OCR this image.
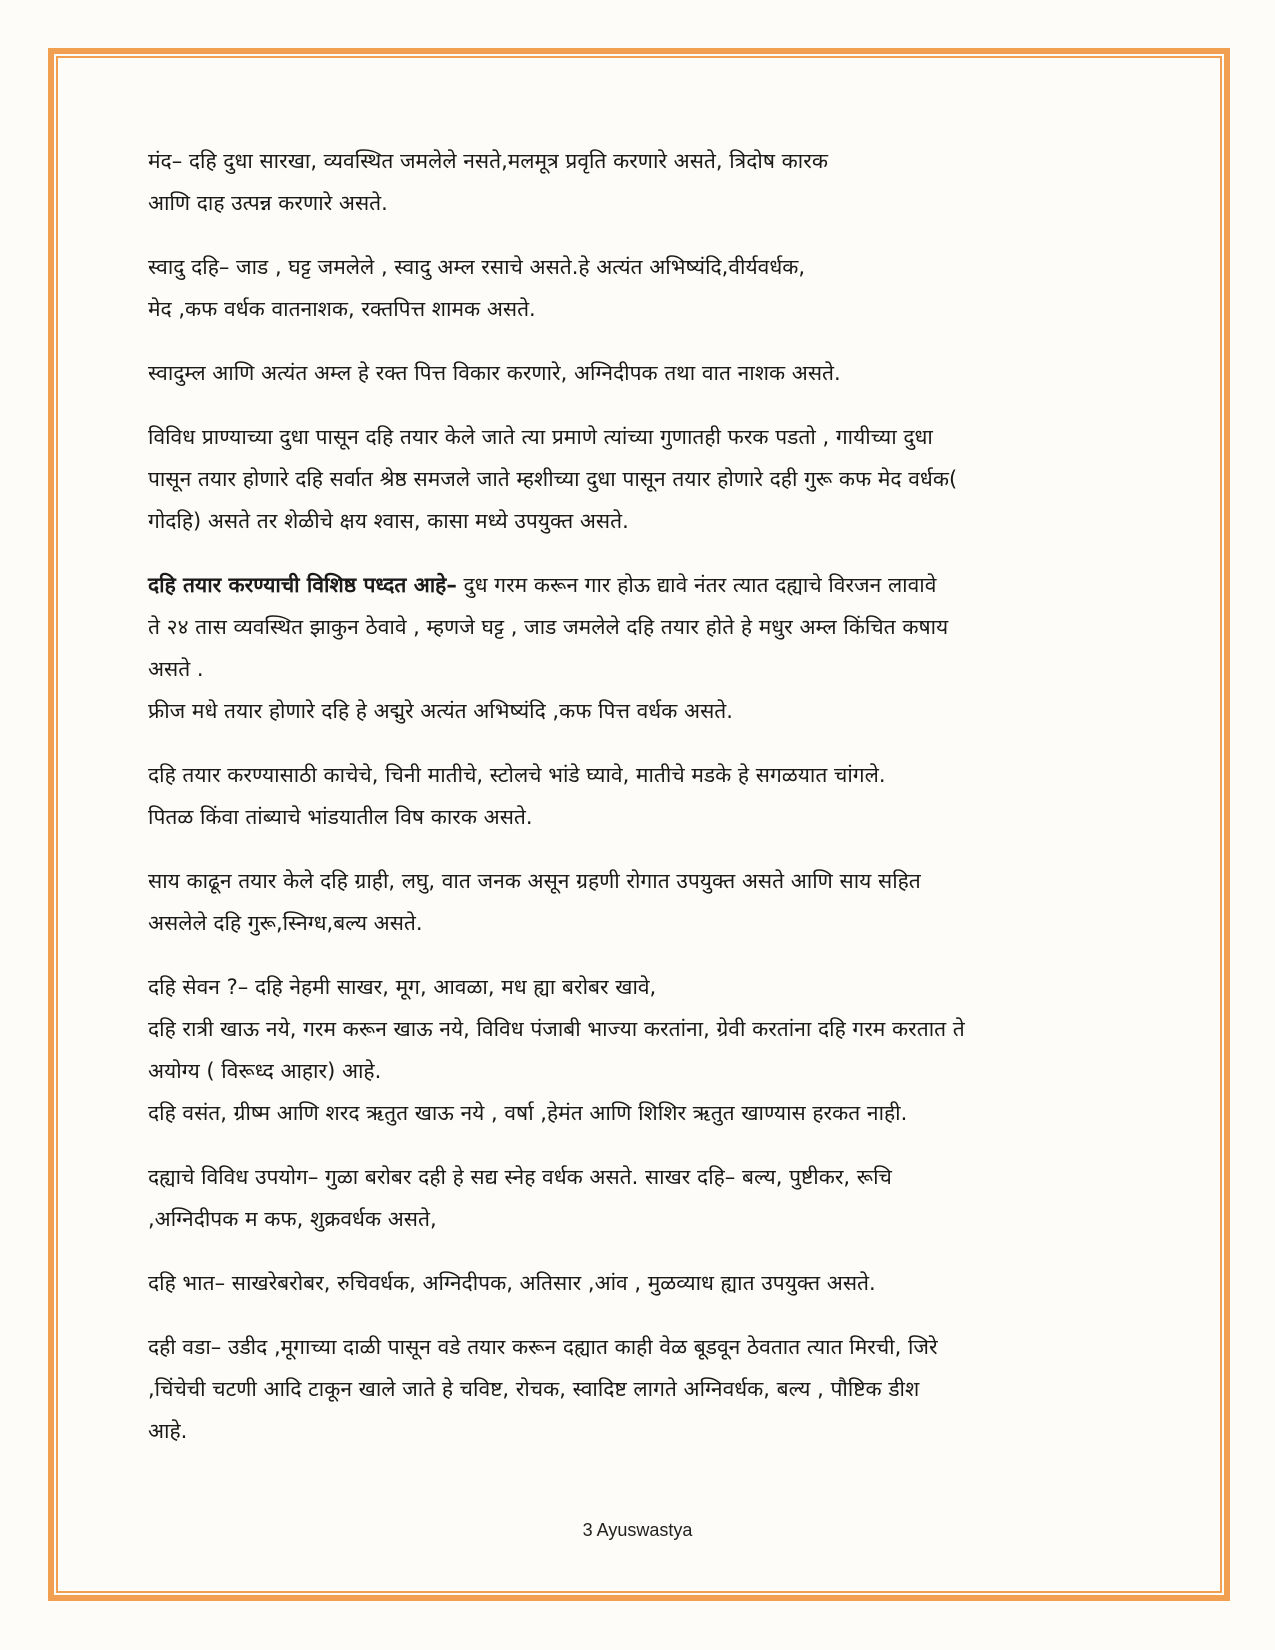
मंद– दहि दुधा सारखा, व्यवस्थित जमलेले नसते,मलमूत्र प्रवृति करणारे असते, त्रिदोष कारक
आणि दाह उत्पन्न करणारे असते.

स्वादु दहि– जाड , घट्ट जमलेले , स्वादु अम्ल रसाचे असते.हे अत्यंत अभिष्यंदि,वीर्यवर्धक,
मेद ,कफ वर्धक वातनाशक, रक्तपित्त शामक असते.

स्वादुम्ल आणि अत्यंत अम्ल हे रक्त पित्त विकार करणारे, अग्निदीपक तथा वात नाशक असते.

विविध प्राण्याच्या दुधा पासून दहि तयार केले जाते त्या प्रमाणे त्यांच्या गुणातही फरक पडतो , गायीच्या दुधा
पासून तयार होणारे दहि सर्वात श्रेष्ठ समजले जाते म्हशीच्या दुधा पासून तयार होणारे दही गुरू कफ मेद वर्धक(
गोदहि) असते तर शेळीचे क्षय श्वास, कासा मध्ये उपयुक्त असते.

दहि तयार करण्याची विशिष्ठ पध्दत आहे– दुध गरम करून गार होऊ द्यावे नंतर त्यात दह्याचे विरजन लावावे
ते २४ तास व्यवस्थित झाकुन ठेवावे , म्हणजे घट्ट , जाड जमलेले दहि तयार होते हे मधुर अम्ल किंचित कषाय
असते .
फ्रीज मधे तयार होणारे दहि हे अद्मुरे अत्यंत अभिष्यंदि ,कफ पित्त वर्धक असते.

दहि तयार करण्यासाठी काचेचे, चिनी मातीचे, स्टोलचे भांडे घ्यावे, मातीचे मडके हे सगळयात चांगले.
पितळ किंवा तांब्याचे भांडयातील विष कारक असते.

साय काढून तयार केले दहि ग्राही, लघु, वात जनक असून ग्रहणी रोगात उपयुक्त असते आणि साय सहित
असलेले दहि गुरू,स्निग्ध,बल्य असते.

दहि सेवन ?– दहि नेहमी साखर, मूग, आवळा, मध ह्या बरोबर खावे,
दहि रात्री खाऊ नये, गरम करून खाऊ नये, विविध पंजाबी भाज्या करतांना, ग्रेवी करतांना दहि गरम करतात ते
अयोग्य ( विरूध्द आहार) आहे.
दहि वसंत, ग्रीष्म आणि शरद ऋतुत खाऊ नये , वर्षा ,हेमंत आणि शिशिर ऋतुत खाण्यास हरकत नाही.

दह्याचे विविध उपयोग– गुळा बरोबर दही हे सद्य स्नेह वर्धक असते. साखर दहि– बल्य, पुष्टीकर, रूचि
,अग्निदीपक म कफ, शुक्रवर्धक असते,

दहि भात– साखरेबरोबर, रुचिवर्धक, अग्निदीपक, अतिसार ,आंव , मुळव्याध ह्यात उपयुक्त असते.

दही वडा– उडीद ,मूगाच्या दाळी पासून वडे तयार करून दह्यात काही वेळ बूडवून ठेवतात त्यात मिरची, जिरे
,चिंचेची चटणी आदि टाकून खाले जाते हे चविष्ट, रोचक, स्वादिष्ट लागते अग्निवर्धक, बल्य , पौष्टिक डीश
आहे.

3 Ayuswastya
